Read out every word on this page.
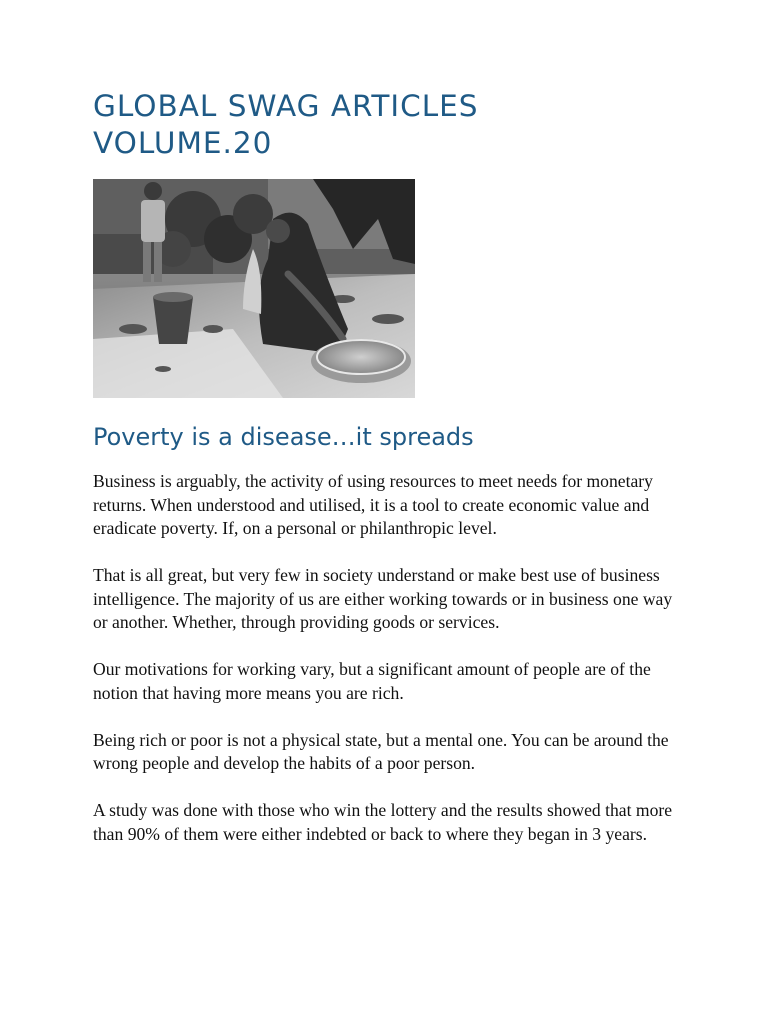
GLOBAL SWAG ARTICLES
VOLUME.20
Poverty is a disease…it spreads

Business is arguably, the activity of using resources to meet needs for monetary returns. When understood and utilised, it is a tool to create economic value and eradicate poverty. If, on a personal or philanthropic level.

That is all great, but very few in society understand or make best use of business intelligence. The majority of us are either working towards or in business one way or another. Whether, through providing goods or services.

Our motivations for working vary, but a significant amount of people are of the notion that having more means you are rich.

Being rich or poor is not a physical state, but a mental one. You can be around the wrong people and develop the habits of a poor person.

A study was done with those who win the lottery and the results showed that more than 90% of them were either indebted or back to where they began in 3 years.
